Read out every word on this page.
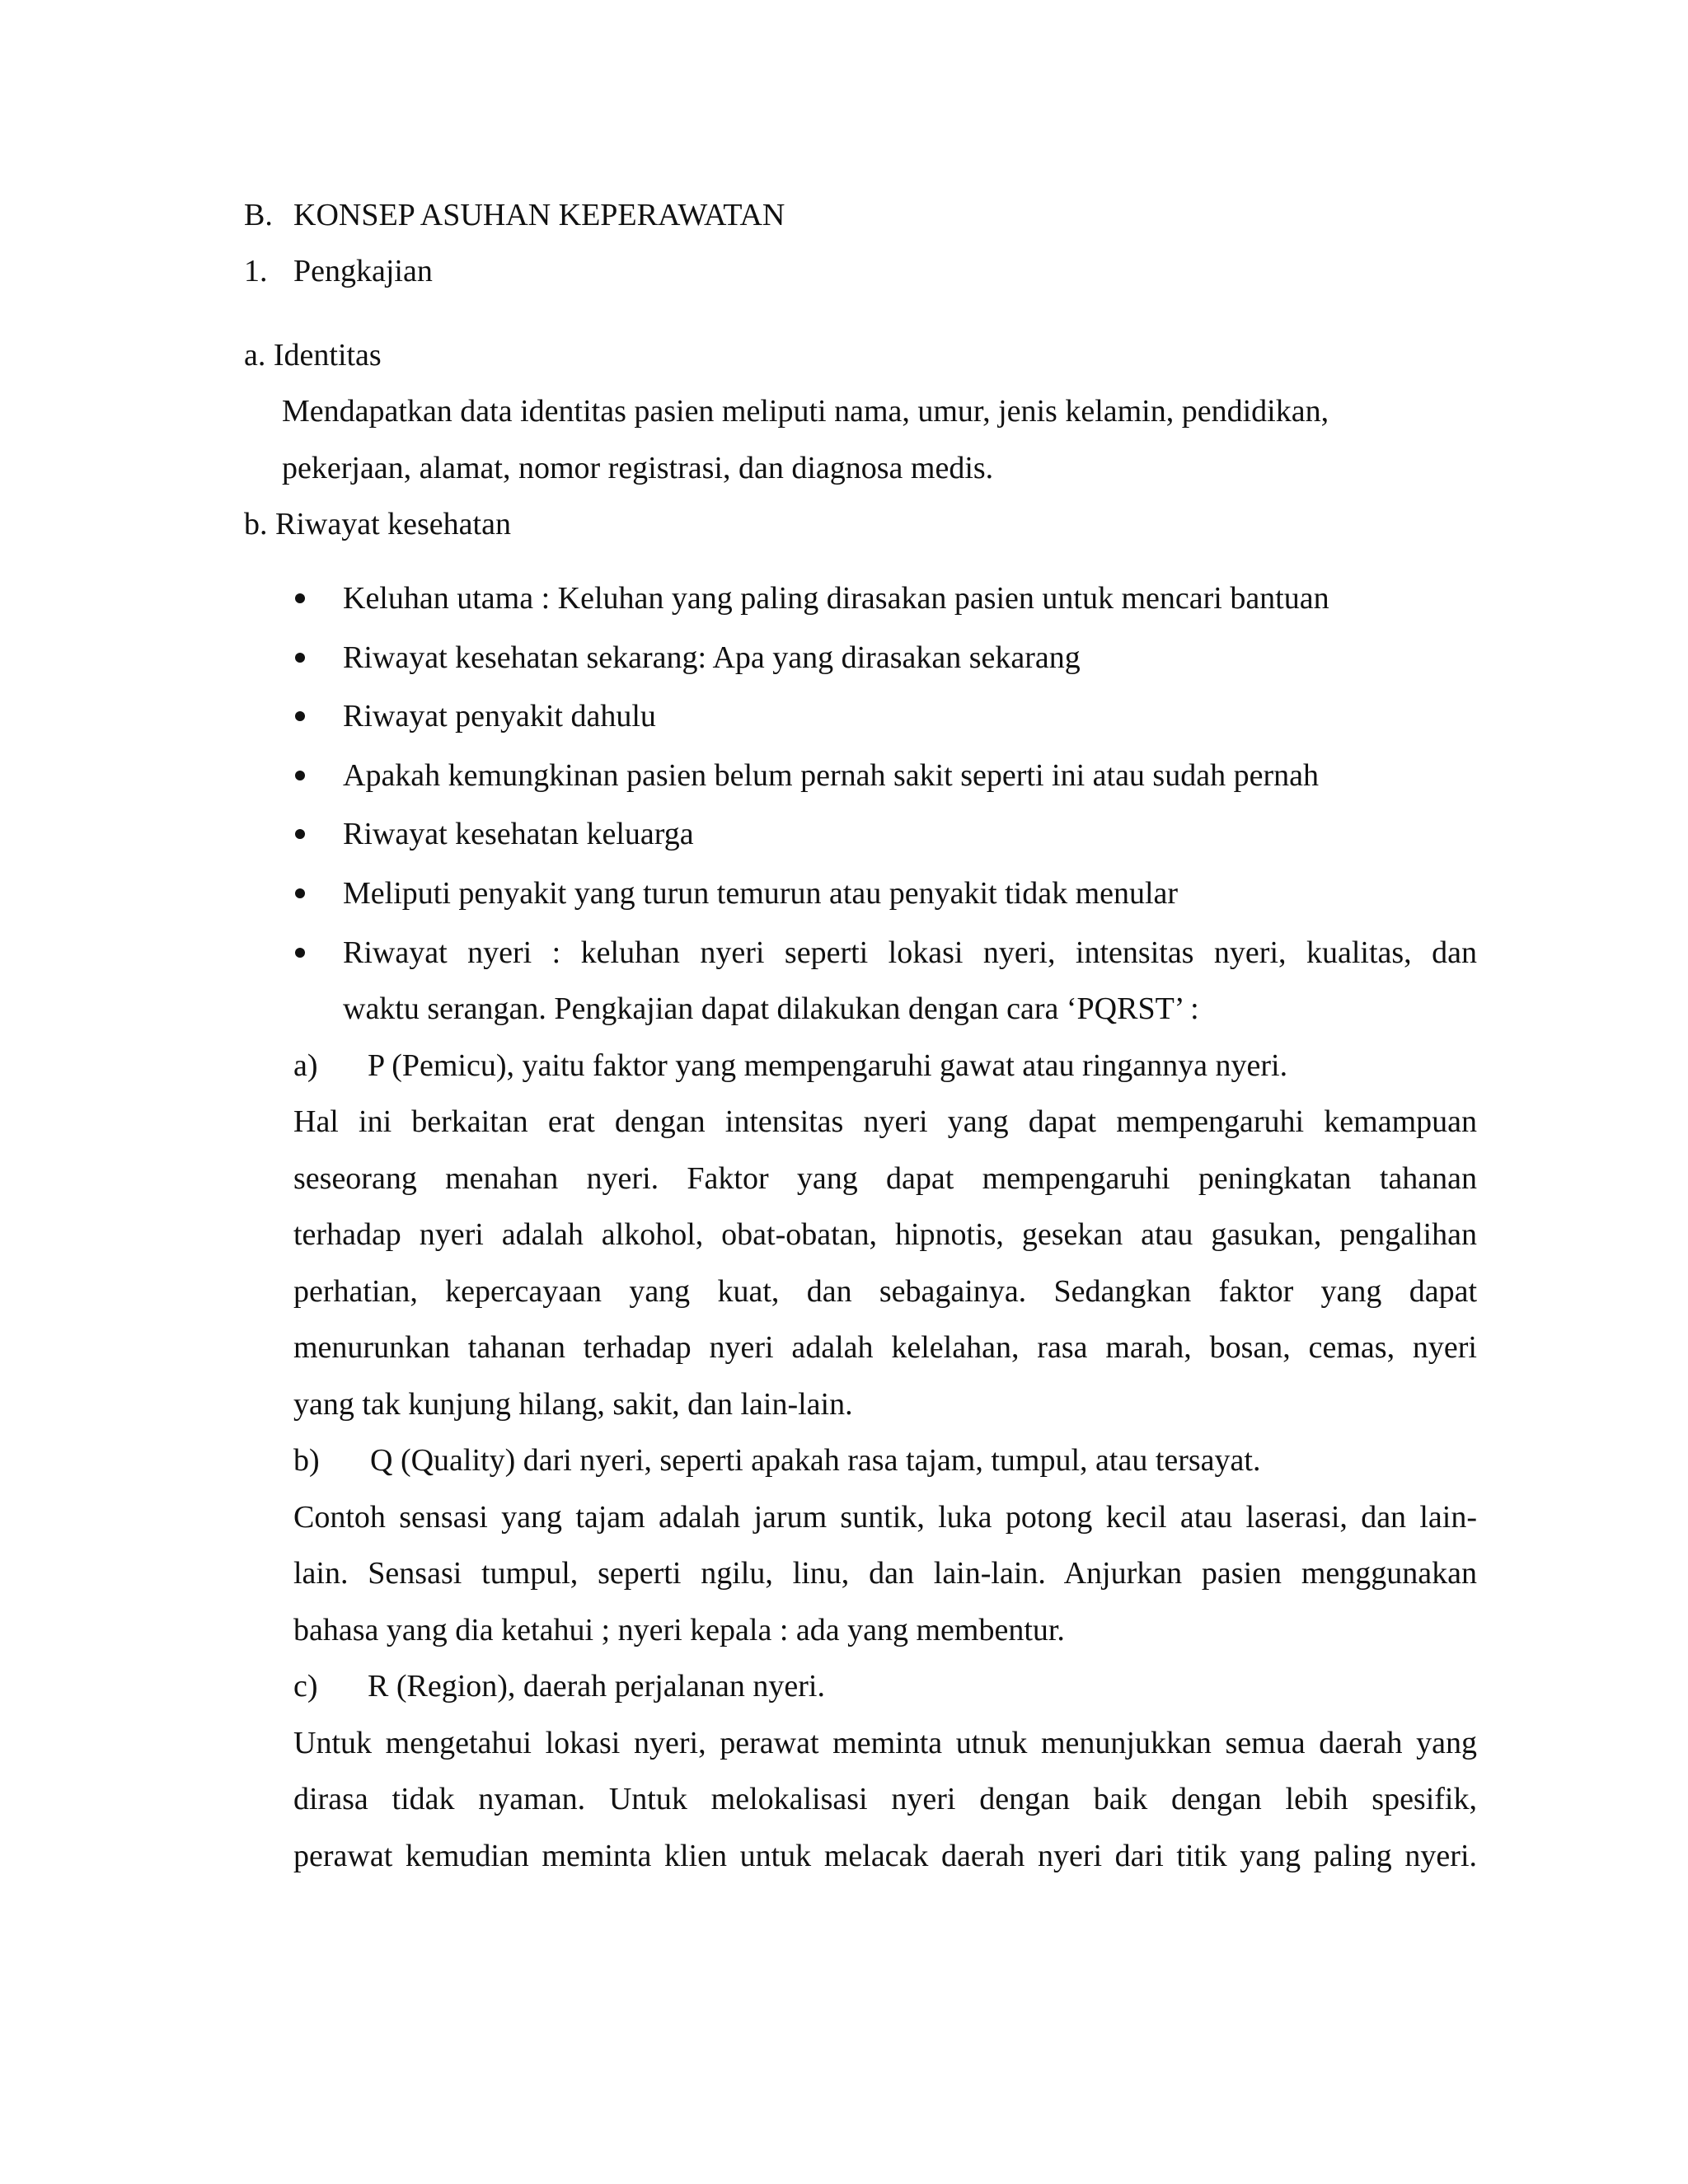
B. KONSEP ASUHAN KEPERAWATAN
1. Pengkajian
a. Identitas
Mendapatkan data identitas pasien meliputi nama, umur, jenis kelamin, pendidikan,
pekerjaan, alamat, nomor registrasi, dan diagnosa medis.
b. Riwayat kesehatan
Keluhan utama : Keluhan yang paling dirasakan pasien untuk mencari bantuan
Riwayat kesehatan sekarang: Apa yang dirasakan sekarang
Riwayat penyakit dahulu
Apakah kemungkinan pasien belum pernah sakit seperti ini atau sudah pernah
Riwayat kesehatan keluarga
Meliputi penyakit yang turun temurun atau penyakit tidak menular
Riwayat nyeri : keluhan nyeri seperti lokasi nyeri, intensitas nyeri, kualitas, dan
waktu serangan. Pengkajian dapat dilakukan dengan cara ‘PQRST’ :
a) P (Pemicu), yaitu faktor yang mempengaruhi gawat atau ringannya nyeri.
Hal ini berkaitan erat dengan intensitas nyeri yang dapat mempengaruhi kemampuan
seseorang menahan nyeri. Faktor yang dapat mempengaruhi peningkatan tahanan
terhadap nyeri adalah alkohol, obat-obatan, hipnotis, gesekan atau gasukan, pengalihan
perhatian, kepercayaan yang kuat, dan sebagainya. Sedangkan faktor yang dapat
menurunkan tahanan terhadap nyeri adalah kelelahan, rasa marah, bosan, cemas, nyeri
yang tak kunjung hilang, sakit, dan lain-lain.
b) Q (Quality) dari nyeri, seperti apakah rasa tajam, tumpul, atau tersayat.
Contoh sensasi yang tajam adalah jarum suntik, luka potong kecil atau laserasi, dan lain-
lain. Sensasi tumpul, seperti ngilu, linu, dan lain-lain. Anjurkan pasien menggunakan
bahasa yang dia ketahui ; nyeri kepala : ada yang membentur.
c) R (Region), daerah perjalanan nyeri.
Untuk mengetahui lokasi nyeri, perawat meminta utnuk menunjukkan semua daerah yang
dirasa tidak nyaman. Untuk melokalisasi nyeri dengan baik dengan lebih spesifik,
perawat kemudian meminta klien untuk melacak daerah nyeri dari titik yang paling nyeri.
